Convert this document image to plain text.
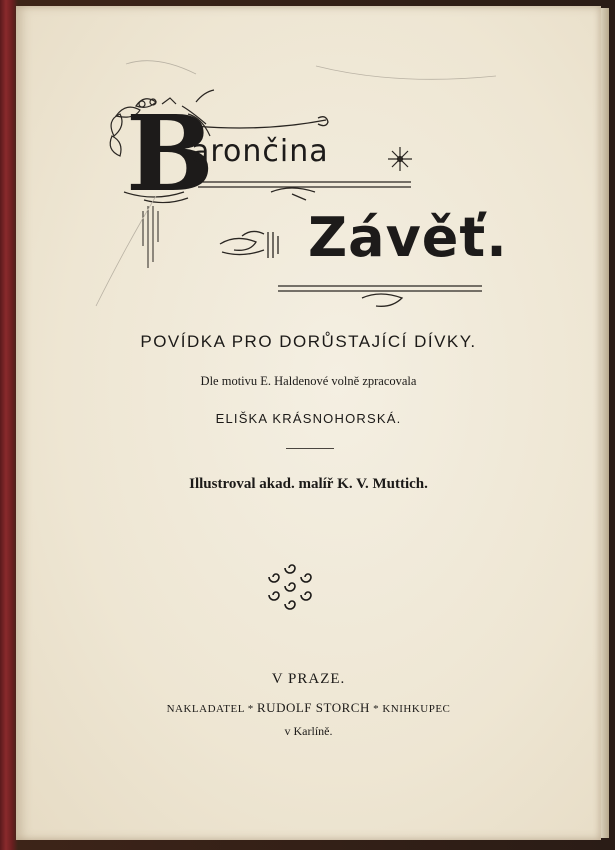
B
arončina
Závěť.
POVÍDKA PRO DORŮSTAJÍCÍ DÍVKY.
Dle motivu E. Haldenové volně zpracovala
ELIŠKA KRÁSNOHORSKÁ.
Illustroval akad. malíř K. V. Muttich.
V PRAZE.
NAKLADATEL * RUDOLF STORCH * KNIHKUPEC
v Karlíně.
